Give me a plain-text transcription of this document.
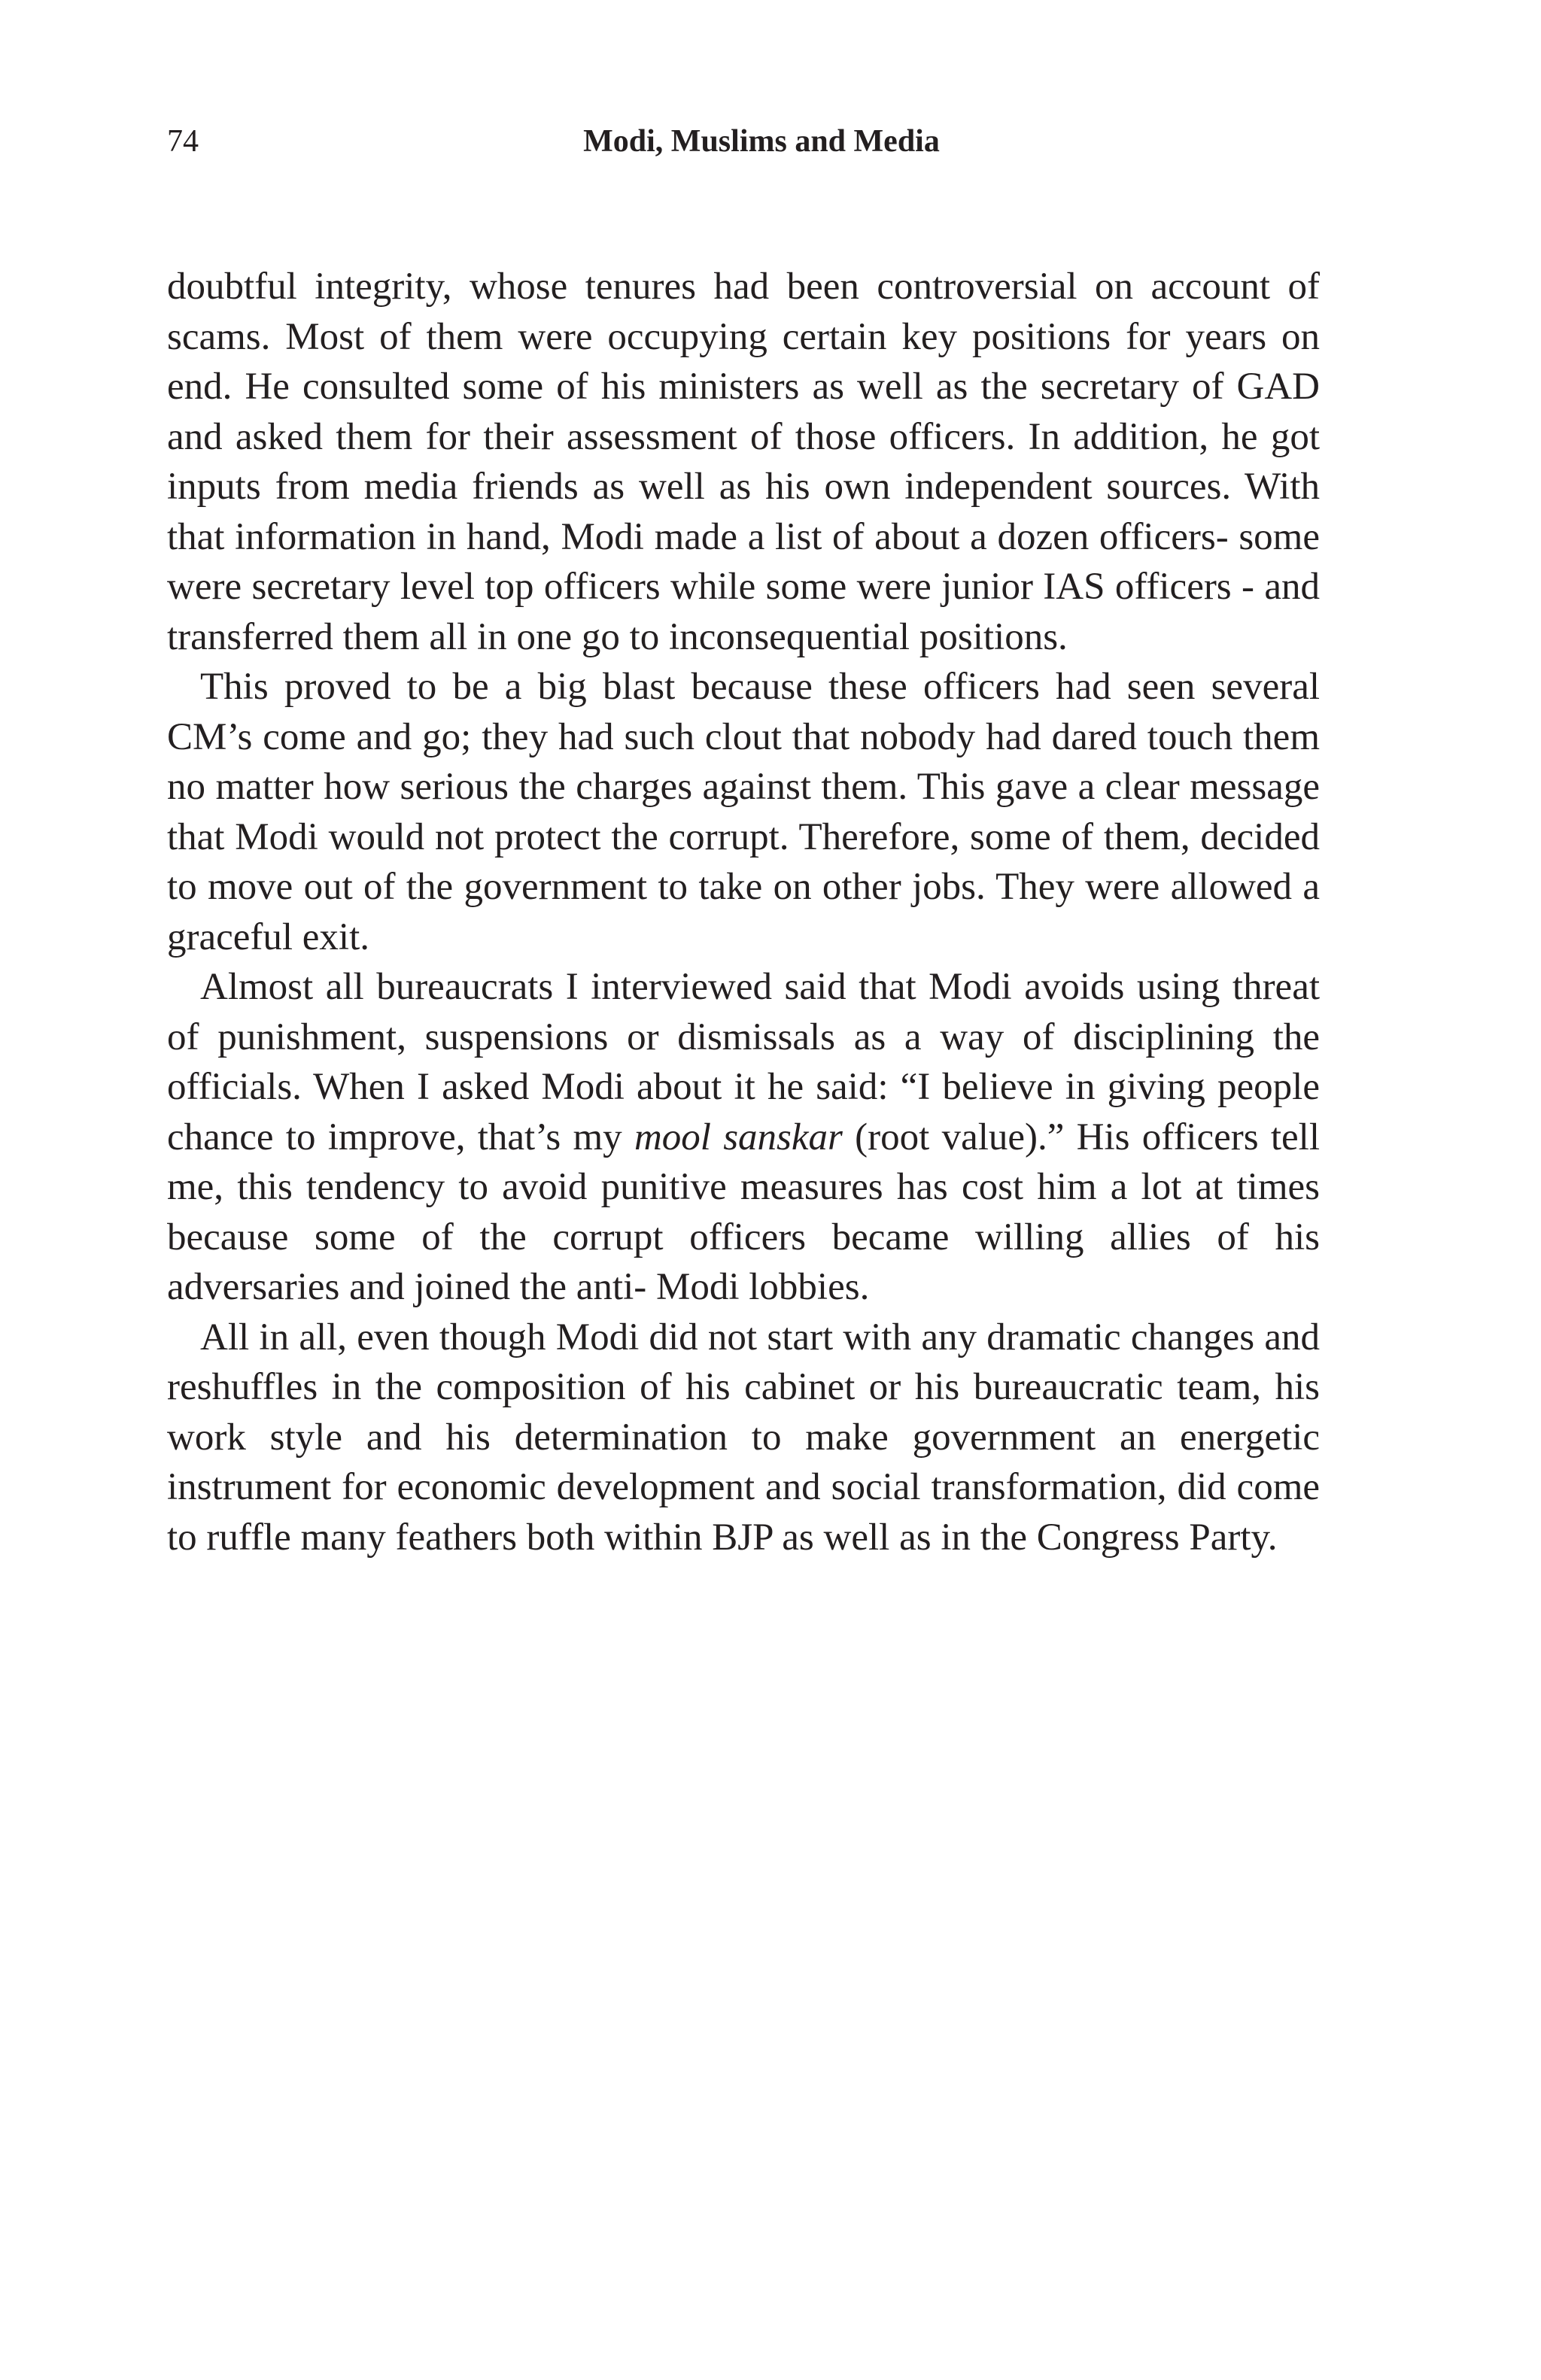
74	Modi, Muslims and Media

doubtful integrity, whose tenures had been controversial on account of scams. Most of them were occupying certain key positions for years on end. He consulted some of his ministers as well as the secretary of GAD and asked them for their assessment of those officers. In addition, he got inputs from media friends as well as his own independent sources. With that information in hand, Modi made a list of about a dozen officers- some were secretary level top officers while some were junior IAS officers - and transferred them all in one go to inconsequential positions.

This proved to be a big blast because these officers had seen several CM’s come and go; they had such clout that nobody had dared touch them no matter how serious the charges against them. This gave a clear message that Modi would not protect the corrupt. Therefore, some of them, decided to move out of the government to take on other jobs. They were allowed a graceful exit.

Almost all bureaucrats I interviewed said that Modi avoids using threat of punishment, suspensions or dismissals as a way of disciplining the officials. When I asked Modi about it he said: “I believe in giving people chance to improve, that’s my mool sanskar (root value).” His officers tell me, this tendency to avoid punitive measures has cost him a lot at times because some of the corrupt officers became willing allies of his adversaries and joined the anti- Modi lobbies.

All in all, even though Modi did not start with any dramatic changes and reshuffles in the composition of his cabinet or his bureaucratic team, his work style and his determination to make government an energetic instrument for economic development and social transformation, did come to ruffle many feathers both within BJP as well as in the Congress Party.
